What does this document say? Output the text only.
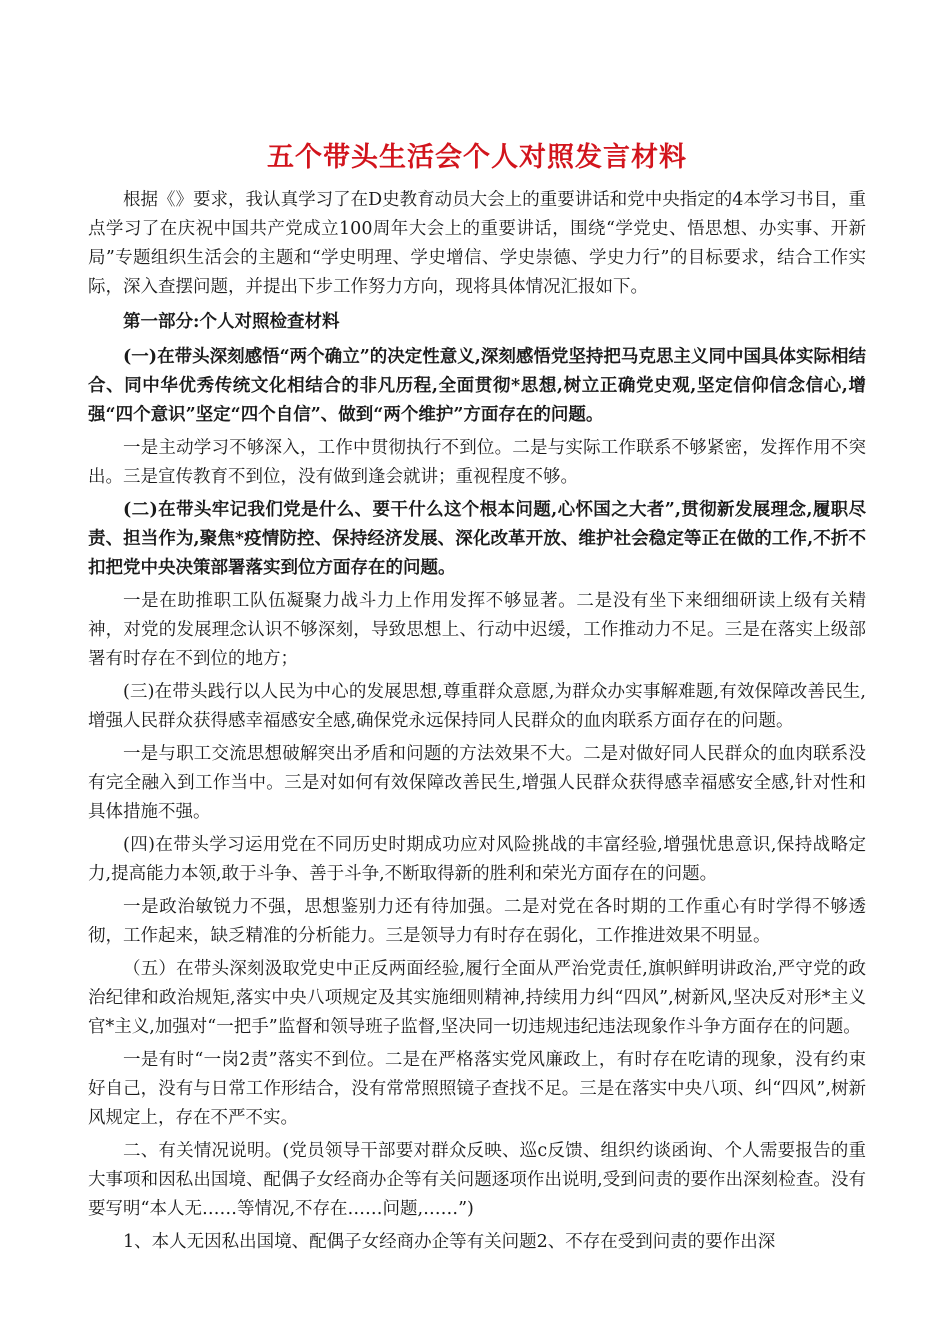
五个带头生活会个人对照发言材料

根据《》要求，我认真学习了在D史教育动员大会上的重要讲话和党中央指定的4本学习书目，重点学习了在庆祝中国共产党成立100周年大会上的重要讲话，围绕“学党史、悟思想、办实事、开新局”专题组织生活会的主题和“学史明理、学史增信、学史崇德、学史力行”的目标要求，结合工作实际，深入查摆问题，并提出下步工作努力方向，现将具体情况汇报如下。

第一部分:个人对照检查材料

(一)在带头深刻感悟“两个确立”的决定性意义,深刻感悟党坚持把马克思主义同中国具体实际相结合、同中华优秀传统文化相结合的非凡历程,全面贯彻*思想,树立正确党史观,坚定信仰信念信心,增强“四个意识”坚定“四个自信”、做到“两个维护”方面存在的问题。

一是主动学习不够深入，工作中贯彻执行不到位。二是与实际工作联系不够紧密，发挥作用不突出。三是宣传教育不到位，没有做到逢会就讲；重视程度不够。

(二)在带头牢记我们党是什么、要干什么这个根本问题,心怀国之大者”,贯彻新发展理念,履职尽责、担当作为,聚焦*疫情防控、保持经济发展、深化改革开放、维护社会稳定等正在做的工作,不折不扣把党中央决策部署落实到位方面存在的问题。

一是在助推职工队伍凝聚力战斗力上作用发挥不够显著。二是没有坐下来细细研读上级有关精神，对党的发展理念认识不够深刻，导致思想上、行动中迟缓，工作推动力不足。三是在落实上级部署有时存在不到位的地方；

(三)在带头践行以人民为中心的发展思想,尊重群众意愿,为群众办实事解难题,有效保障改善民生,增强人民群众获得感幸福感安全感,确保党永远保持同人民群众的血肉联系方面存在的问题。

一是与职工交流思想破解突出矛盾和问题的方法效果不大。二是对做好同人民群众的血肉联系没有完全融入到工作当中。三是对如何有效保障改善民生,增强人民群众获得感幸福感安全感,针对性和具体措施不强。

(四)在带头学习运用党在不同历史时期成功应对风险挑战的丰富经验,增强忧患意识,保持战略定力,提高能力本领,敢于斗争、善于斗争,不断取得新的胜利和荣光方面存在的问题。

一是政治敏锐力不强，思想鉴别力还有待加强。二是对党在各时期的工作重心有时学得不够透彻，工作起来，缺乏精准的分析能力。三是领导力有时存在弱化，工作推进效果不明显。

（五）在带头深刻汲取党史中正反两面经验,履行全面从严治党责任,旗帜鲜明讲政治,严守党的政治纪律和政治规矩,落实中央八项规定及其实施细则精神,持续用力纠“四风”,树新风,坚决反对形*主义官*主义,加强对“一把手”监督和领导班子监督,坚决同一切违规违纪违法现象作斗争方面存在的问题。

一是有时“一岗2责”落实不到位。二是在严格落实党风廉政上，有时存在吃请的现象，没有约束好自己，没有与日常工作形结合，没有常常照照镜子查找不足。三是在落实中央八项、纠“四风”,树新风规定上，存在不严不实。

二、有关情况说明。(党员领导干部要对群众反映、巡c反馈、组织约谈函询、个人需要报告的重大事项和因私出国境、配偶子女经商办企等有关问题逐项作出说明,受到问责的要作出深刻检查。没有要写明“本人无……等情况,不存在……问题,……”)

1、本人无因私出国境、配偶子女经商办企等有关问题2、不存在受到问责的要作出深
